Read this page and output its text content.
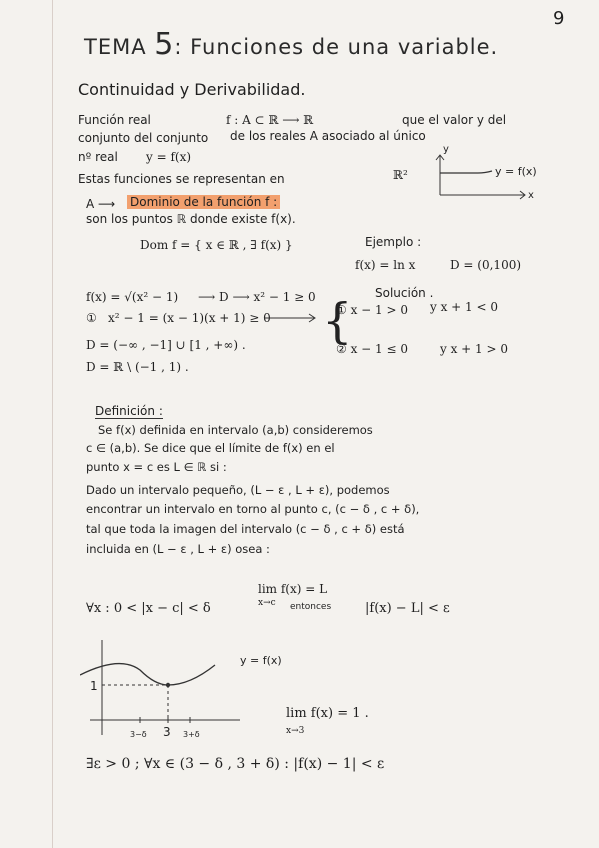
9
TEMA 5: Funciones de una variable.
Continuidad y Derivabilidad.
Función real	f : A ⊂ ℝ ⟶ ℝ	que el valor y del
conjunto del conjunto de los reales A asociado al único
nº real y = f(x)
Estas funciones se representan en	ℝ²
y
x
y = f(x)
A ⟶ Dominio de la función f :
son los puntos ℝ donde existe f(x).
Dom f = { x ∈ ℝ , ∃ f(x) }	Ejemplo :
f(x) = ln x	D = (0,100)
f(x) = √(x² − 1) ⟶ D ⟶ x² − 1 ≥ 0	Solución .
① x² − 1 = (x − 1)(x + 1) ≥ 0 {
① x − 1 > 0 y x + 1 < 0
② x − 1 ≤ 0	y x + 1 > 0
D = (−∞ , −1] ∪ [1 , +∞) .
D = ℝ \ (−1 , 1) .
Definición :
Se f(x) definida en intervalo (a,b) consideremos
c ∈ (a,b). Se dice que el límite de f(x) en el
punto x = c es L ∈ ℝ si :
Dado un intervalo pequeño, (L − ε , L + ε), podemos
encontrar un intervalo en torno al punto c, (c − δ , c + δ),
tal que toda la imagen del intervalo (c − δ , c + δ) está
incluida en (L − ε , L + ε) osea :
lim f(x) = L
x→c entonces
∀x : 0 < |x − c| < δ	|f(x) − L| < ε
1
y = f(x)
3−δ 3 3+δ
lim f(x) = 1 .
x→3
∃ε > 0 ; ∀x ∈ (3 − δ , 3 + δ) : |f(x) − 1| < ε
